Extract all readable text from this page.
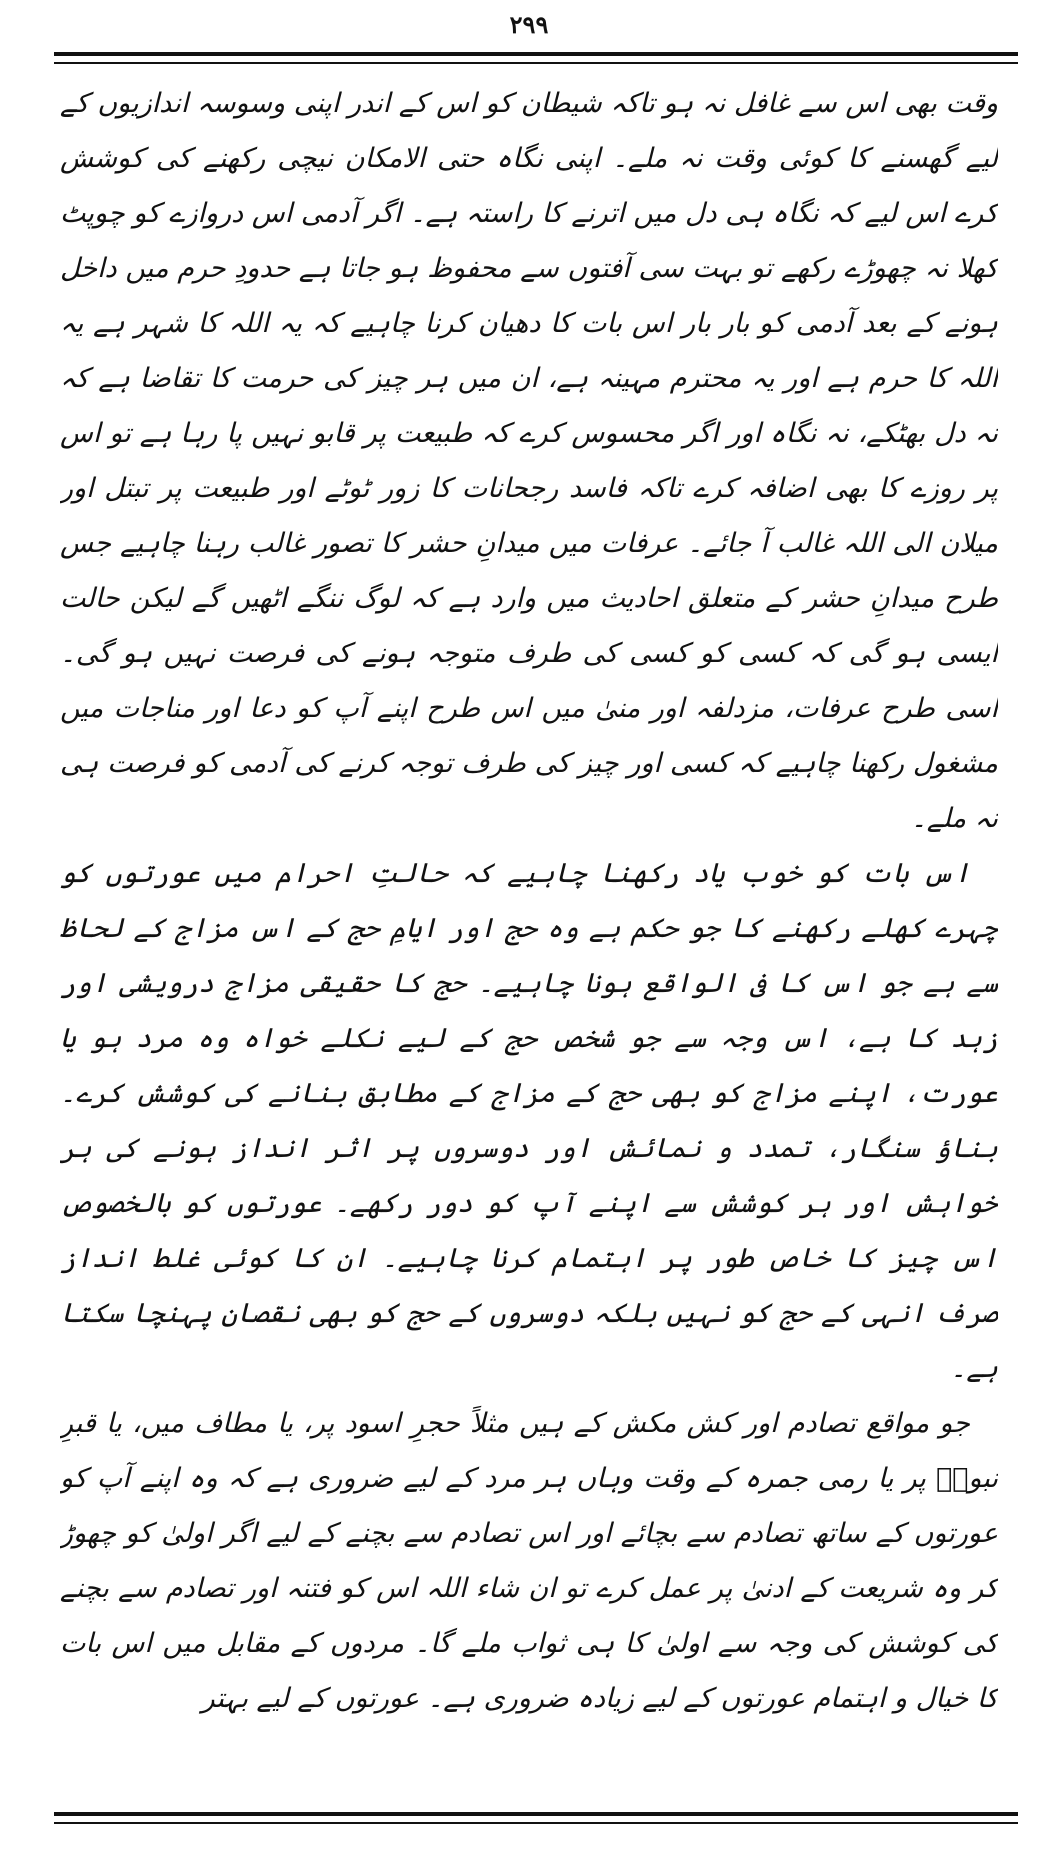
۲۹۹

وقت بھی اس سے غافل نہ ہو تاکہ شیطان کو اس کے اندر اپنی وسوسہ اندازیوں کے لیے گھسنے کا کوئی وقت نہ ملے۔ اپنی نگاہ حتی الامکان نیچی رکھنے کی کوشش کرے اس لیے کہ نگاہ ہی دل میں اترنے کا راستہ ہے۔ اگر آدمی اس دروازے کو چوپٹ کھلا نہ چھوڑے رکھے تو بہت سی آفتوں سے محفوظ ہو جاتا ہے حدودِ حرم میں داخل ہونے کے بعد آدمی کو بار بار اس بات کا دھیان کرنا چاہیے کہ یہ اللہ کا شہر ہے یہ اللہ کا حرم ہے اور یہ محترم مہینہ ہے، ان میں ہر چیز کی حرمت کا تقاضا ہے کہ نہ دل بھٹکے، نہ نگاہ اور اگر محسوس کرے کہ طبیعت پر قابو نہیں پا رہا ہے تو اس پر روزے کا بھی اضافہ کرے تاکہ فاسد رجحانات کا زور ٹوٹے اور طبیعت پر تبتل اور میلان الی اللہ غالب آ جائے۔ عرفات میں میدانِ حشر کا تصور غالب رہنا چاہیے جس طرح میدانِ حشر کے متعلق احادیث میں وارد ہے کہ لوگ ننگے اٹھیں گے لیکن حالت ایسی ہو گی کہ کسی کو کسی کی طرف متوجہ ہونے کی فرصت نہیں ہو گی۔ اسی طرح عرفات، مزدلفہ اور منیٰ میں اس طرح اپنے آپ کو دعا اور مناجات میں مشغول رکھنا چاہیے کہ کسی اور چیز کی طرف توجہ کرنے کی آدمی کو فرصت ہی نہ ملے۔

اس بات کو خوب یاد رکھنا چاہیے کہ حالتِ احرام میں عورتوں کو چہرے کھلے رکھنے کا جو حکم ہے وہ حج اور ایامِ حج کے اس مزاج کے لحاظ سے ہے جو اس کا فی الواقع ہونا چاہیے۔ حج کا حقیقی مزاج درویشی اور زہد کا ہے، اس وجہ سے جو شخص حج کے لیے نکلے خواہ وہ مرد ہو یا عورت، اپنے مزاج کو بھی حج کے مزاج کے مطابق بنانے کی کوشش کرے۔ بناؤ سنگار، تمدد و نمائش اور دوسروں پر اثر انداز ہونے کی ہر خواہش اور ہر کوشش سے اپنے آپ کو دور رکھے۔ عورتوں کو بالخصوص اس چیز کا خاص طور پر اہتمام کرنا چاہیے۔ ان کا کوئی غلط انداز صرف انہی کے حج کو نہیں بلکہ دوسروں کے حج کو بھی نقصان پہنچا سکتا ہے۔

جو مواقع تصادم اور کش مکش کے ہیں مثلاً حجرِ اسود پر، یا مطاف میں، یا قبرِ نبویؐ پر یا رمی جمرہ کے وقت وہاں ہر مرد کے لیے ضروری ہے کہ وہ اپنے آپ کو عورتوں کے ساتھ تصادم سے بچائے اور اس تصادم سے بچنے کے لیے اگر اولیٰ کو چھوڑ کر وہ شریعت کے ادنیٰ پر عمل کرے تو ان شاء اللہ اس کو فتنہ اور تصادم سے بچنے کی کوشش کی وجہ سے اولیٰ کا ہی ثواب ملے گا۔ مردوں کے مقابل میں اس بات کا خیال و اہتمام عورتوں کے لیے زیادہ ضروری ہے۔ عورتوں کے لیے بہتر
